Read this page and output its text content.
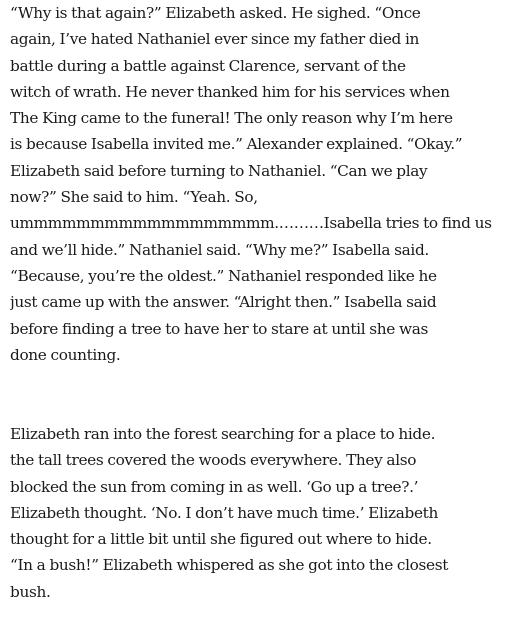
“Why is that again?” Elizabeth asked. He sighed. “Once
again, I’ve hated Nathaniel ever since my father died in
battle during a battle against Clarence, servant of the
witch of wrath. He never thanked him for his services when
The King came to the funeral! The only reason why I’m here
is because Isabella invited me.” Alexander explained. “Okay.”
Elizabeth said before turning to Nathaniel. “Can we play
now?” She said to him. “Yeah. So,
ummmmmmmmmmmmmmmmmm.………Isabella tries to find us
and we’ll hide.” Nathaniel said. “Why me?” Isabella said.
“Because, you’re the oldest.” Nathaniel responded like he
just came up with the answer. “Alright then.” Isabella said
before finding a tree to have her to stare at until she was
done counting.
Elizabeth ran into the forest searching for a place to hide.
the tall trees covered the woods everywhere. They also
blocked the sun from coming in as well. ‘Go up a tree?.’
Elizabeth thought. ‘No. I don’t have much time.’ Elizabeth
thought for a little bit until she figured out where to hide.
“In a bush!” Elizabeth whispered as she got into the closest
bush.
